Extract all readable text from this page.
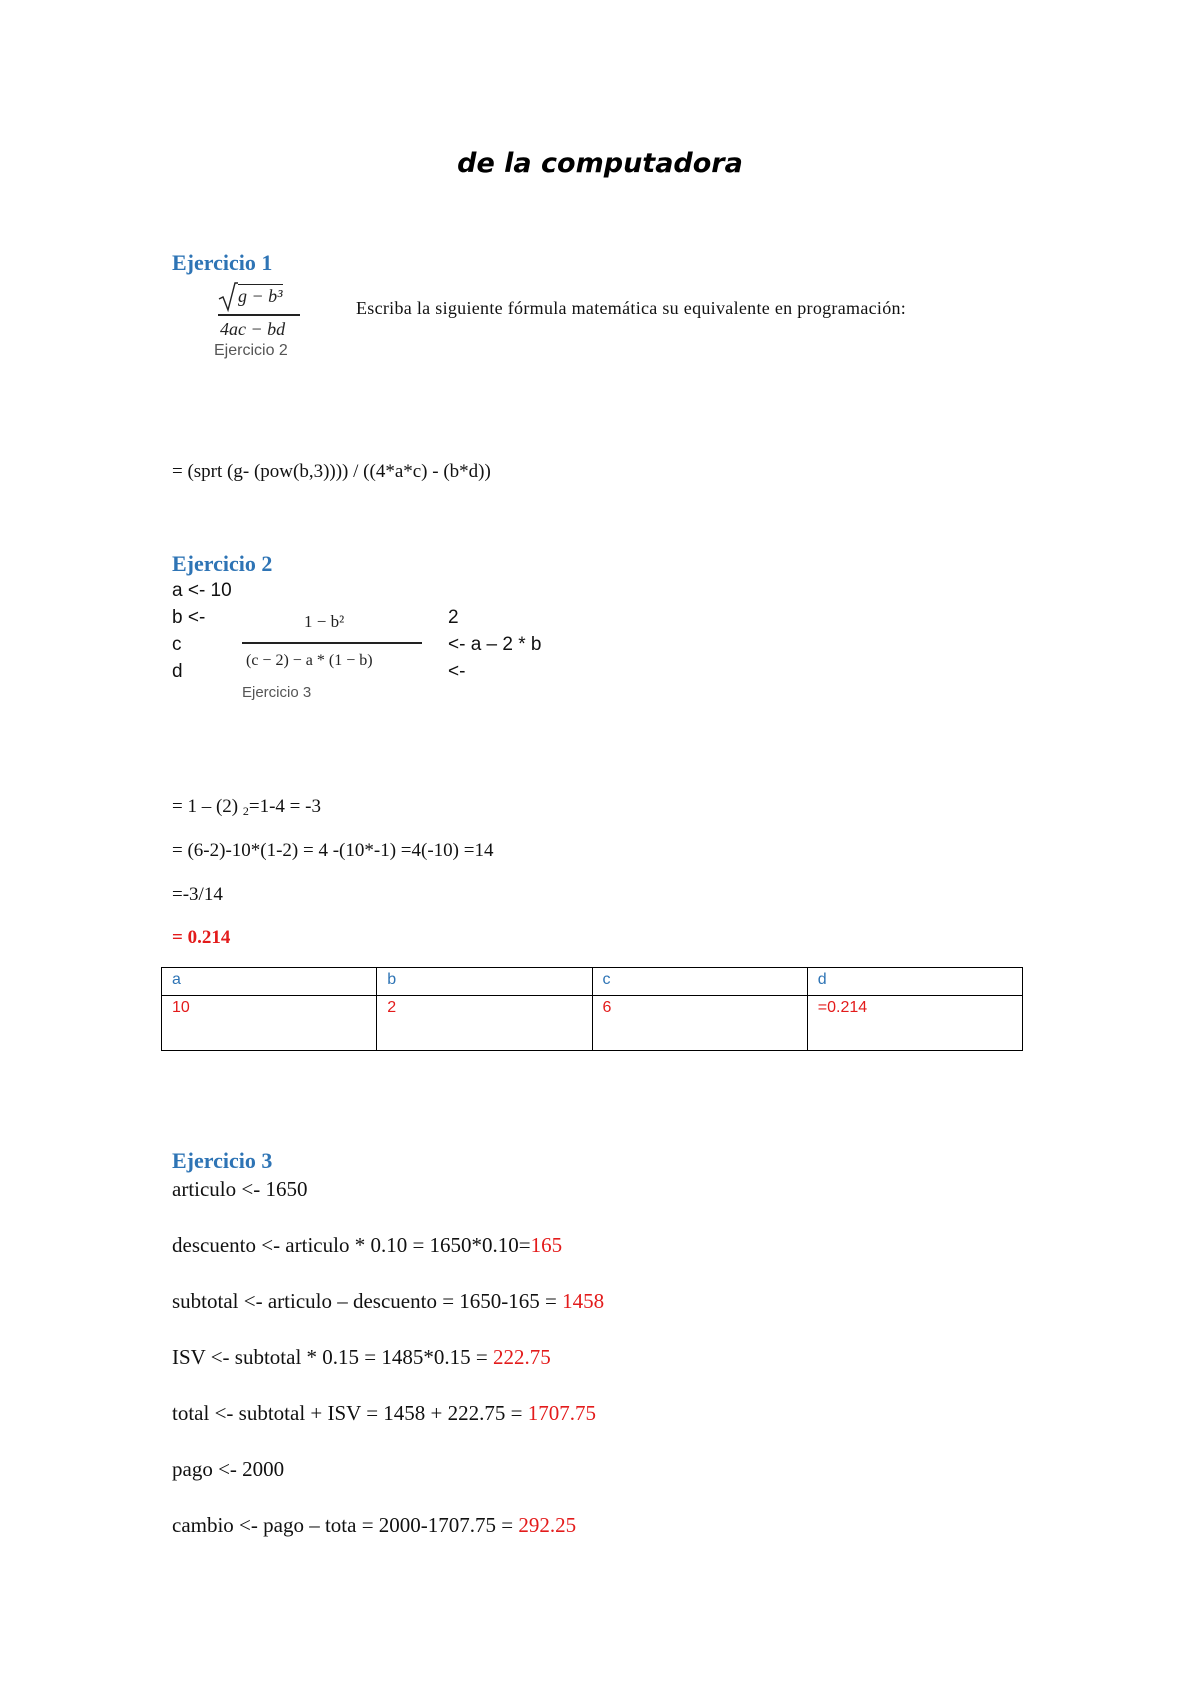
de la computadora
Ejercicio 1
g − b³
4ac − bd
Ejercicio 2
Escriba la siguiente fórmula matemática su equivalente en programación:
= (sprt (g- (pow(b,3)))) / ((4*a*c) - (b*d))
Ejercicio 2
a <- 10
b <-
c
d
1 − b²
(c − 2) − a * (1 − b)
Ejercicio 3
2
<- a – 2 * b
<-
= 1 – (2) 2=1-4 = -3
= (6-2)-10*(1-2) = 4 -(10*-1) =4(-10) =14
=-3/14
= 0.214
a	b	c	d
10	2	6	=0.214
Ejercicio 3
articulo <- 1650
descuento <- articulo * 0.10 = 1650*0.10=165
subtotal <- articulo – descuento = 1650-165 = 1458
ISV <- subtotal * 0.15 = 1485*0.15 = 222.75
total <- subtotal + ISV = 1458 + 222.75 = 1707.75
pago <- 2000
cambio <- pago – tota = 2000-1707.75 = 292.25
